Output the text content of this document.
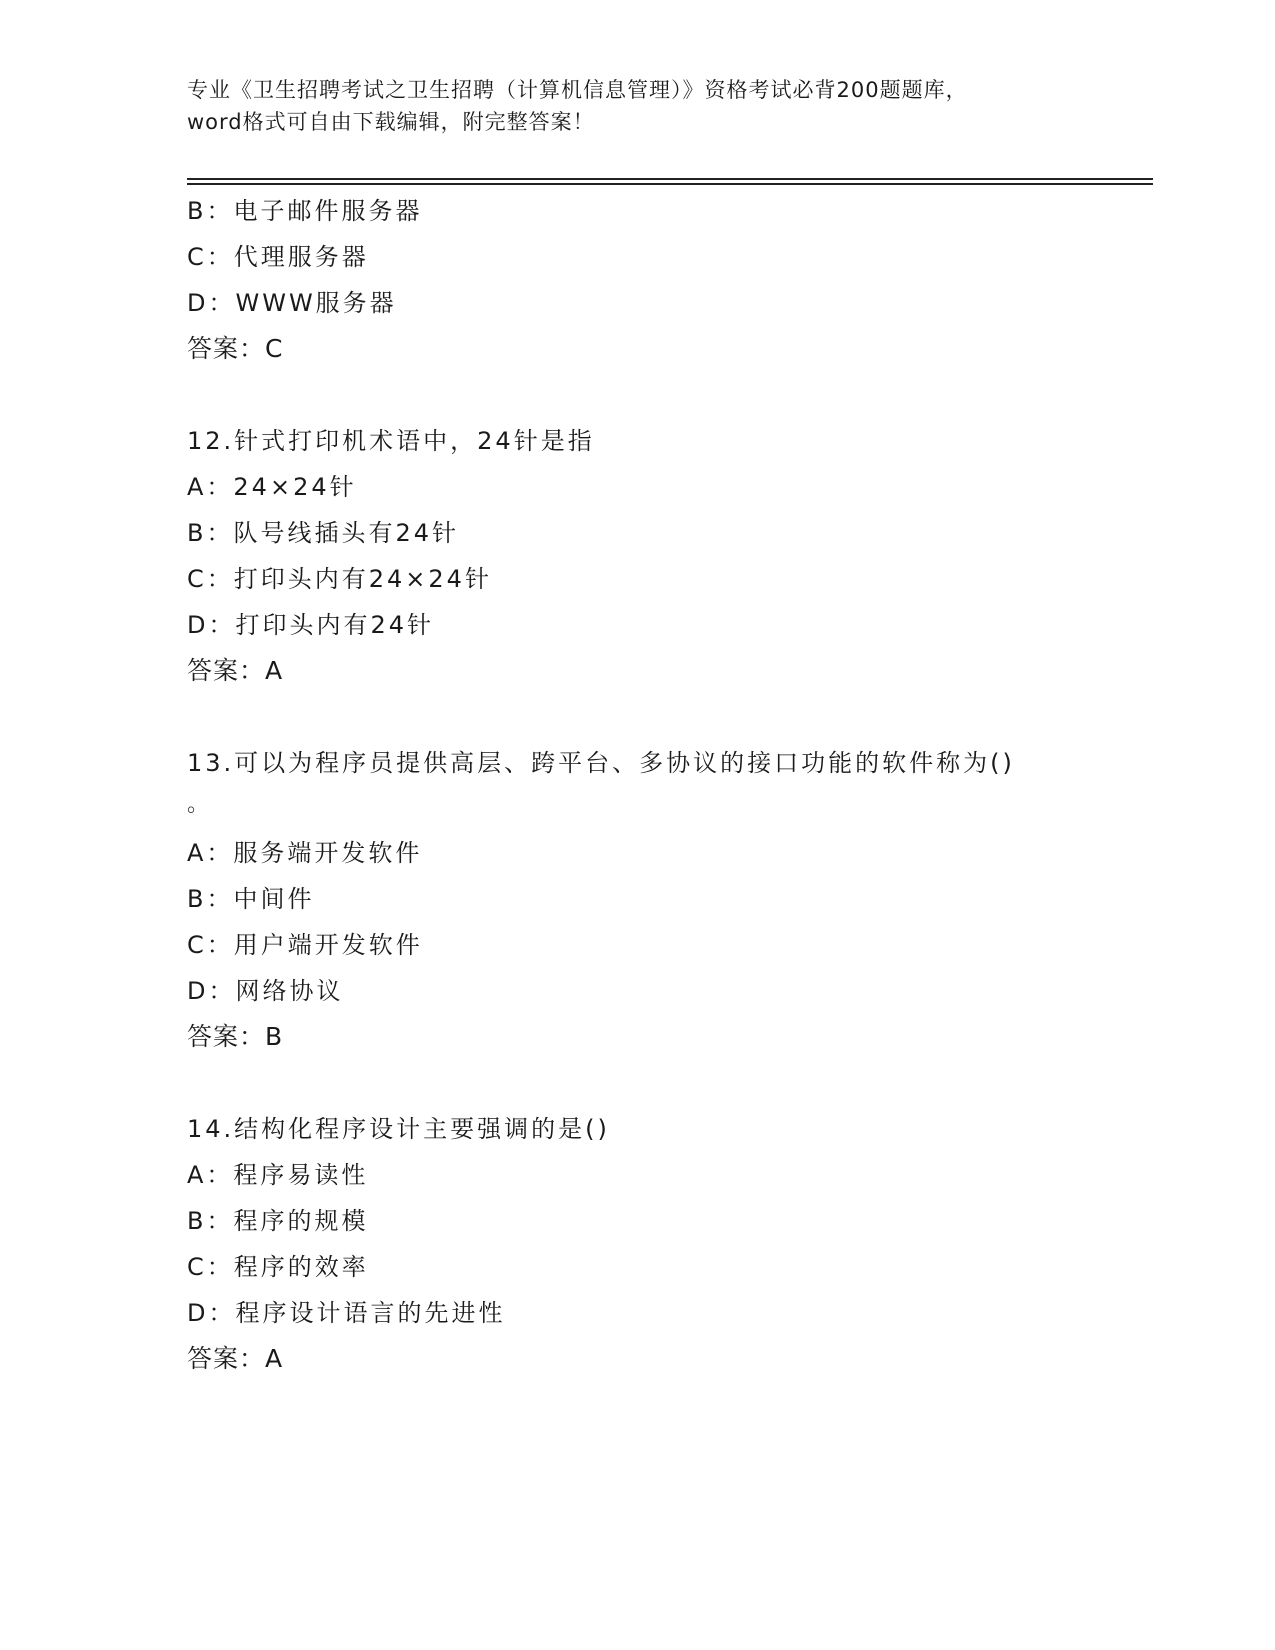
专业《卫生招聘考试之卫生招聘（计算机信息管理）》资格考试必背200题题库，
word格式可自由下载编辑，附完整答案！
B：电子邮件服务器
C：代理服务器
D：WWW服务器
答案：C
12.针式打印机术语中，24针是指
A：24×24针
B：队号线插头有24针
C：打印头内有24×24针
D：打印头内有24针
答案：A
13.可以为程序员提供高层、跨平台、多协议的接口功能的软件称为()
。
A：服务端开发软件
B：中间件
C：用户端开发软件
D：网络协议
答案：B
14.结构化程序设计主要强调的是()
A：程序易读性
B：程序的规模
C：程序的效率
D：程序设计语言的先进性
答案：A
